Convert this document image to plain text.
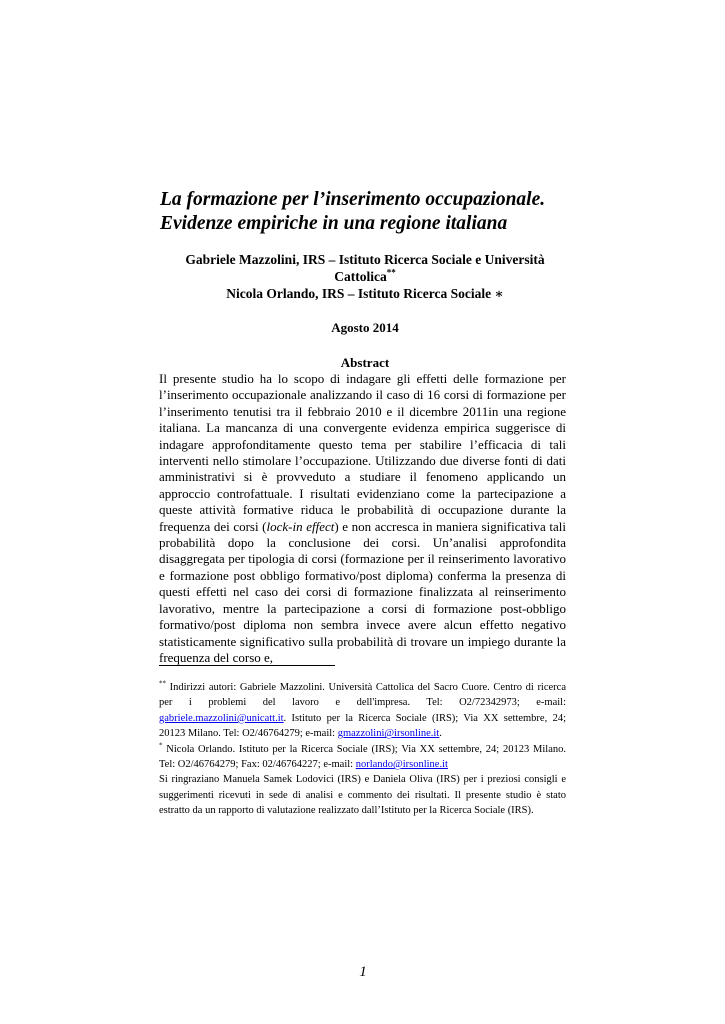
La formazione per l’inserimento occupazionale.
Evidenze empiriche in una regione italiana
Gabriele Mazzolini, IRS – Istituto Ricerca Sociale e Università Cattolica**
Nicola Orlando, IRS – Istituto Ricerca Sociale ∗
Agosto 2014
Abstract
Il presente studio ha lo scopo di indagare gli effetti delle formazione per l’inserimento occupazionale analizzando il caso di 16 corsi di formazione per l’inserimento tenutisi tra il febbraio 2010 e il dicembre 2011in una regione italiana. La mancanza di una convergente evidenza empirica suggerisce di indagare approfonditamente questo tema per stabilire l’efficacia di tali interventi nello stimolare l’occupazione. Utilizzando due diverse fonti di dati amministrativi si è provveduto a studiare il fenomeno applicando un approccio controfattuale. I risultati evidenziano come la partecipazione a queste attività formative riduca le probabilità di occupazione durante la frequenza dei corsi (lock-in effect) e non accresca in maniera significativa tali probabilità dopo la conclusione dei corsi. Un’analisi approfondita disaggregata per tipologia di corsi (formazione per il reinserimento lavorativo e formazione post obbligo formativo/post diploma) conferma la presenza di questi effetti nel caso dei corsi di formazione finalizzata al reinserimento lavorativo, mentre la partecipazione a corsi di formazione post-obbligo formativo/post diploma non sembra invece avere alcun effetto negativo statisticamente significativo sulla probabilità di trovare un impiego durante la frequenza del corso e,

** Indirizzi autori: Gabriele Mazzolini. Università Cattolica del Sacro Cuore. Centro di ricerca per i problemi del lavoro e dell'impresa. Tel: O2/72342973; e-mail: gabriele.mazzolini@unicatt.it. Istituto per la Ricerca Sociale (IRS); Via XX settembre, 24; 20123 Milano. Tel: O2/46764279; e-mail: gmazzolini@irsonline.it.

* Nicola Orlando. Istituto per la Ricerca Sociale (IRS); Via XX settembre, 24; 20123 Milano. Tel: O2/46764279; Fax: 02/46764227; e-mail: norlando@irsonline.it

Si ringraziano Manuela Samek Lodovici (IRS) e Daniela Oliva (IRS) per i preziosi consigli e suggerimenti ricevuti in sede di analisi e commento dei risultati. Il presente studio è stato estratto da un rapporto di valutazione realizzato dall’Istituto per la Ricerca Sociale (IRS).

1
